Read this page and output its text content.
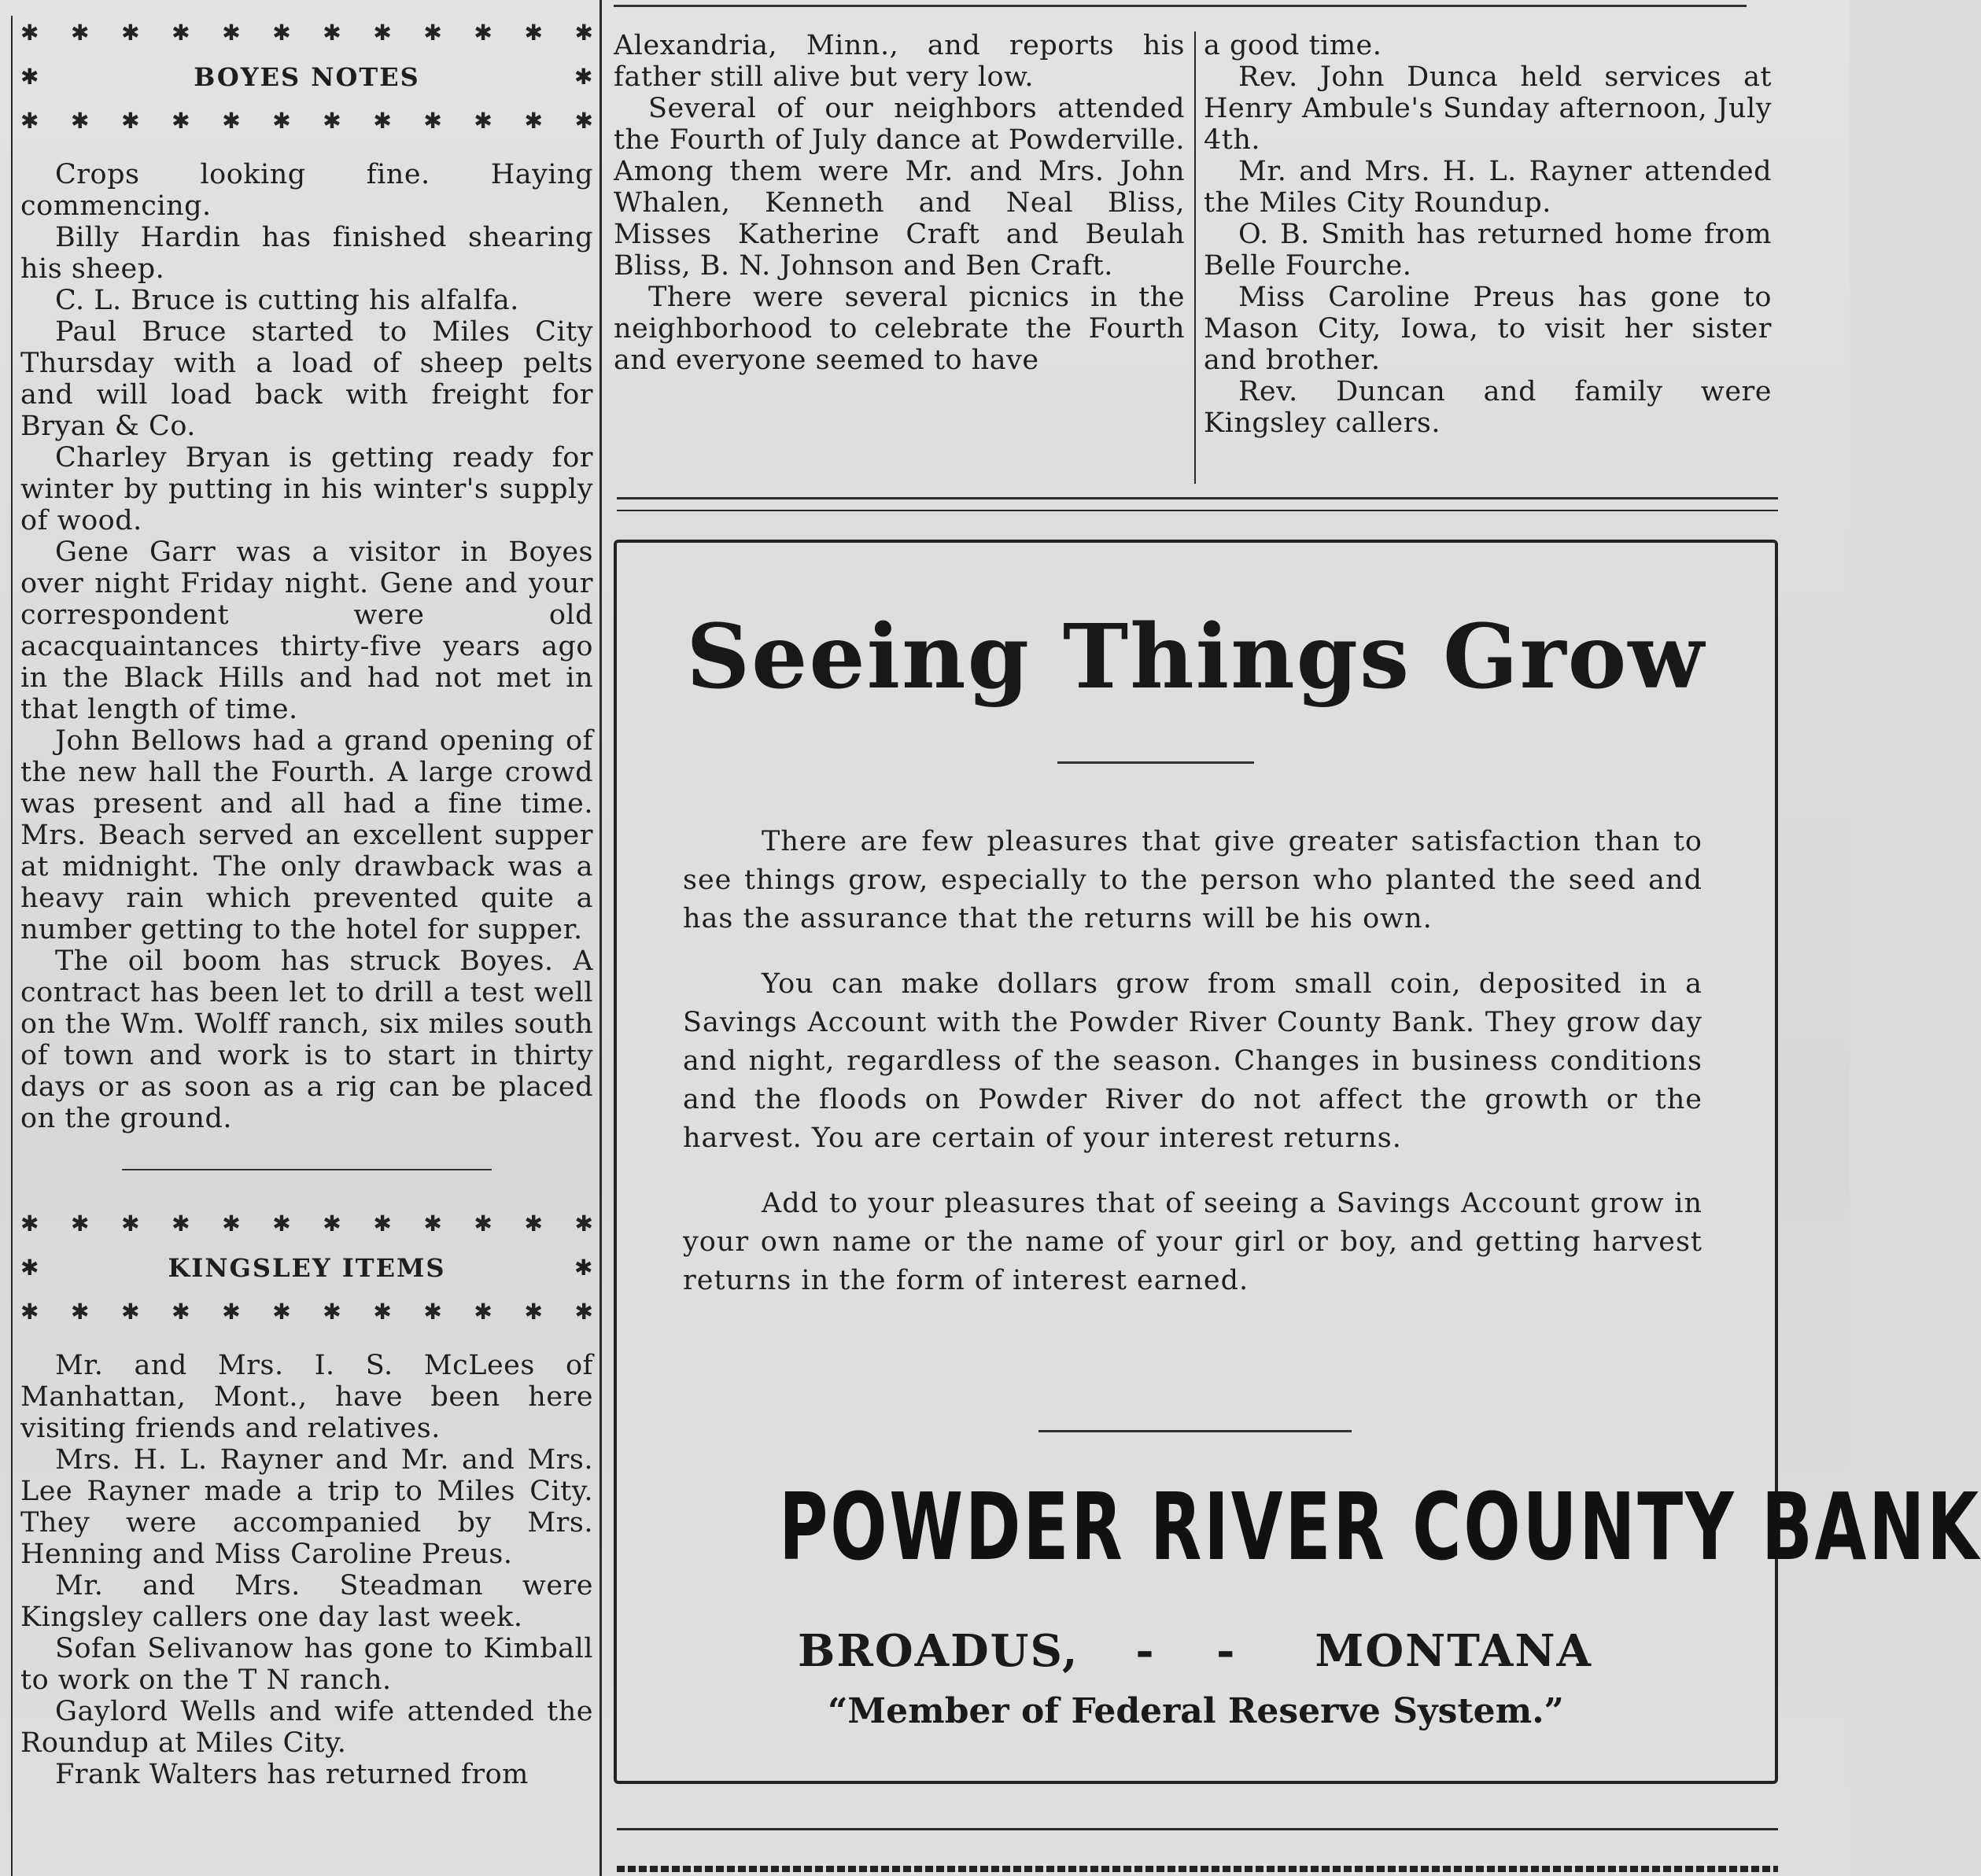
✱ ✱ ✱ ✱ ✱ ✱ ✱ ✱ ✱ ✱ ✱ ✱
✱	BOYES NOTES	✱
✱ ✱ ✱ ✱ ✱ ✱ ✱ ✱ ✱ ✱ ✱ ✱

Crops looking fine. Haying commencing.

Billy Hardin has finished shearing his sheep.

C. L. Bruce is cutting his alfalfa.

Paul Bruce started to Miles City Thursday with a load of sheep pelts and will load back with freight for Bryan & Co.

Charley Bryan is getting ready for winter by putting in his winter's supply of wood.

Gene Garr was a visitor in Boyes over night Friday night. Gene and your correspondent were old acacquaintances thirty-five years ago in the Black Hills and had not met in that length of time.

John Bellows had a grand opening of the new hall the Fourth. A large crowd was present and all had a fine time. Mrs. Beach served an excellent supper at midnight. The only drawback was a heavy rain which prevented quite a number getting to the hotel for supper.

The oil boom has struck Boyes. A contract has been let to drill a test well on the Wm. Wolff ranch, six miles south of town and work is to start in thirty days or as soon as a rig can be placed on the ground.

✱ ✱ ✱ ✱ ✱ ✱ ✱ ✱ ✱ ✱ ✱ ✱
✱	KINGSLEY ITEMS	✱
✱ ✱ ✱ ✱ ✱ ✱ ✱ ✱ ✱ ✱ ✱ ✱

Mr. and Mrs. I. S. McLees of Manhattan, Mont., have been here visiting friends and relatives.

Mrs. H. L. Rayner and Mr. and Mrs. Lee Rayner made a trip to Miles City. They were accompanied by Mrs. Henning and Miss Caroline Preus.

Mr. and Mrs. Steadman were Kingsley callers one day last week.

Sofan Selivanow has gone to Kimball to work on the T N ranch.

Gaylord Wells and wife attended the Roundup at Miles City.

Frank Walters has returned from

Alexandria, Minn., and reports his father still alive but very low.

Several of our neighbors attended the Fourth of July dance at Powderville. Among them were Mr. and Mrs. John Whalen, Kenneth and Neal Bliss, Misses Katherine Craft and Beulah Bliss, B. N. Johnson and Ben Craft.

There were several picnics in the neighborhood to celebrate the Fourth and everyone seemed to have

a good time.

Rev. John Dunca held services at Henry Ambule's Sunday afternoon, July 4th.

Mr. and Mrs. H. L. Rayner attended the Miles City Roundup.

O. B. Smith has returned home from Belle Fourche.

Miss Caroline Preus has gone to Mason City, Iowa, to visit her sister and brother.

Rev. Duncan and family were Kingsley callers.

Seeing Things Grow

There are few pleasures that give greater satisfaction than to see things grow, especially to the person who planted the seed and has the assurance that the returns will be his own.

You can make dollars grow from small coin, deposited in a Savings Account with the Powder River County Bank. They grow day and night, regardless of the season. Changes in business conditions and the floods on Powder River do not affect the growth or the harvest. You are certain of your interest returns.

Add to your pleasures that of seeing a Savings Account grow in your own name or the name of your girl or boy, and getting harvest returns in the form of interest earned.

POWDER RIVER COUNTY BANK
BROADUS, - - MONTANA
“Member of Federal Reserve System.”
